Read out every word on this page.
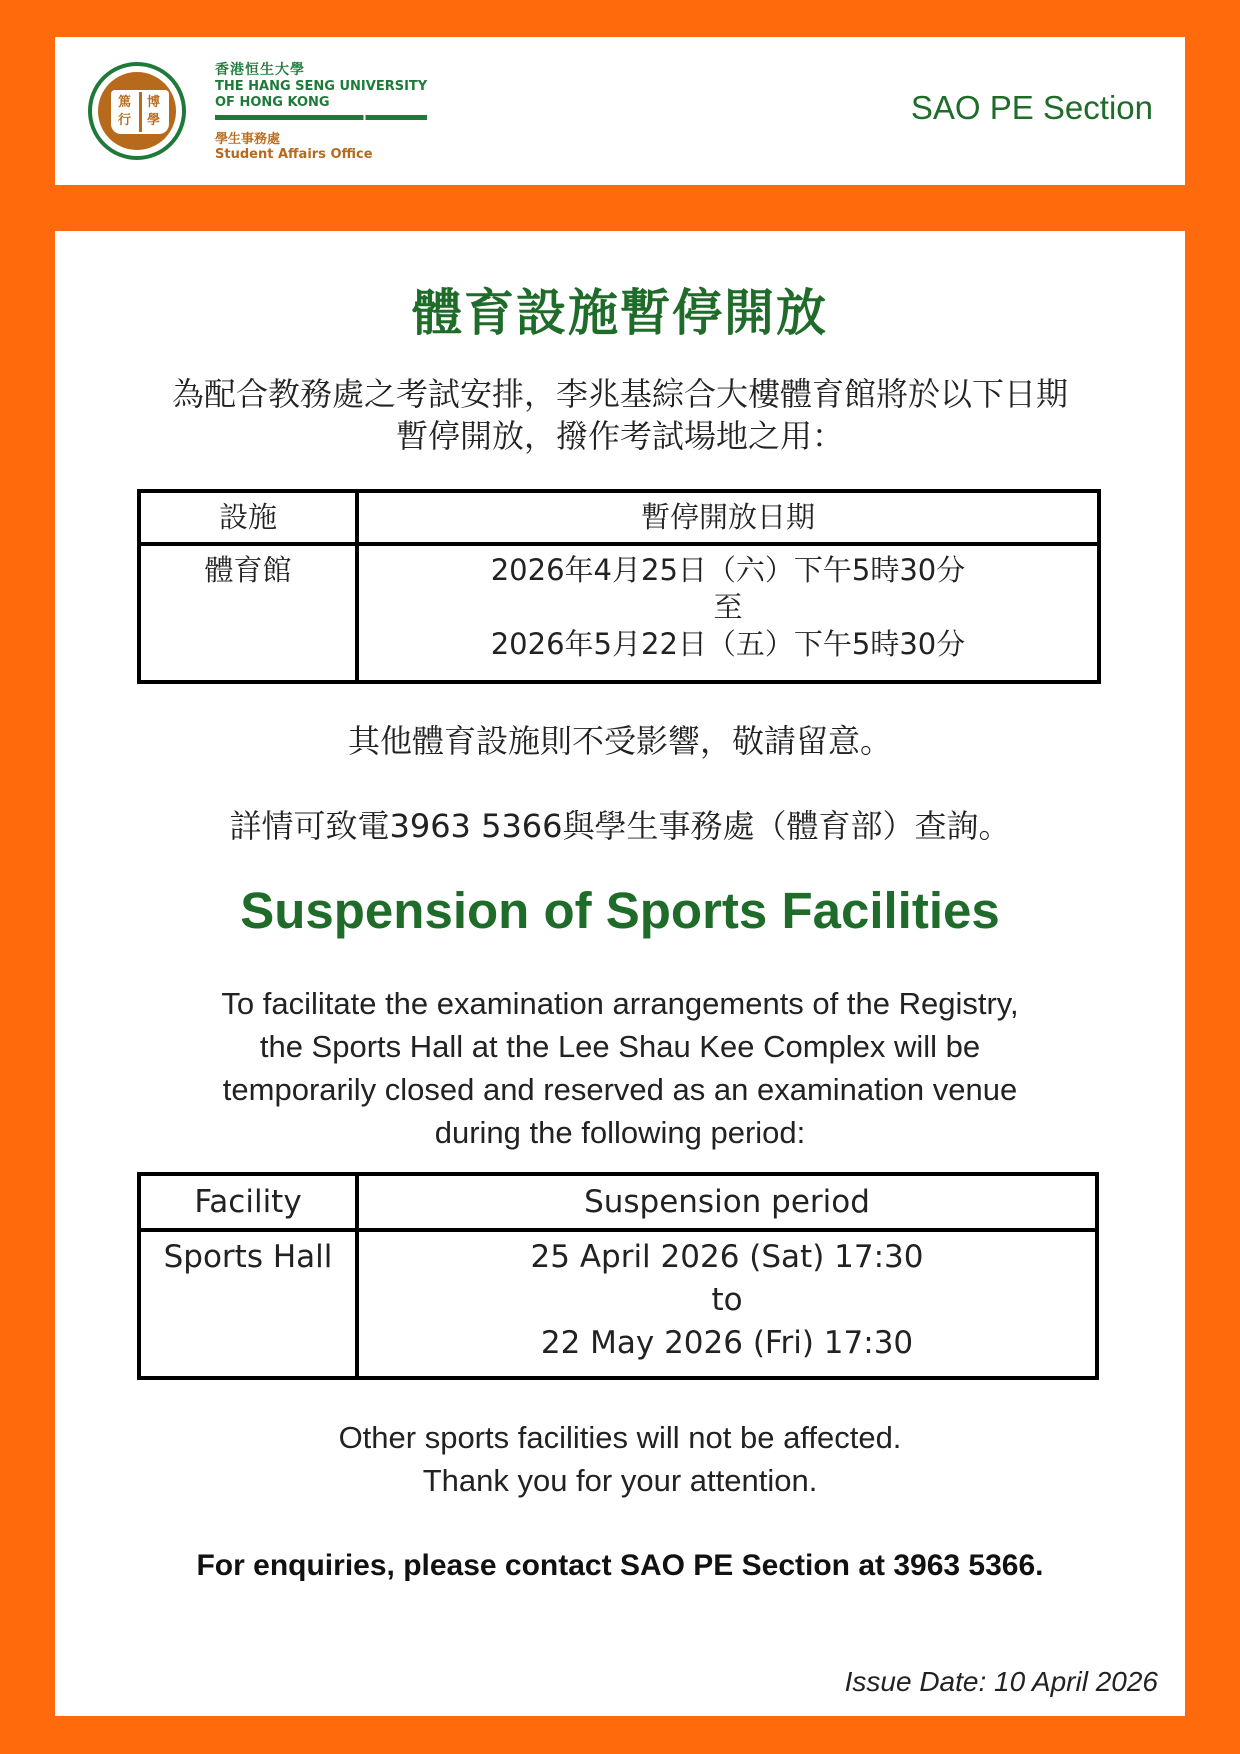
篤 博
行 學
香港恒生大學
THE HANG SENG UNIVERSITY
OF HONG KONG
學生事務處
Student Affairs Office
SAO PE Section
體育設施暫停開放
為配合教務處之考試安排，李兆基綜合大樓體育館將於以下日期
暫停開放，撥作考試場地之用：
設施	暫停開放日期
體育館	2026年4月25日（六）下午5時30分
至
2026年5月22日（五）下午5時30分
其他體育設施則不受影響，敬請留意。
詳情可致電3963 5366與學生事務處（體育部）查詢。
Suspension of Sports Facilities
To facilitate the examination arrangements of the Registry,
the Sports Hall at the Lee Shau Kee Complex will be
temporarily closed and reserved as an examination venue
during the following period:
Facility	Suspension period
Sports Hall	25 April 2026 (Sat) 17:30
to
22 May 2026 (Fri) 17:30
Other sports facilities will not be affected.
Thank you for your attention.
For enquiries, please contact SAO PE Section at 3963 5366.
Issue Date: 10 April 2026
